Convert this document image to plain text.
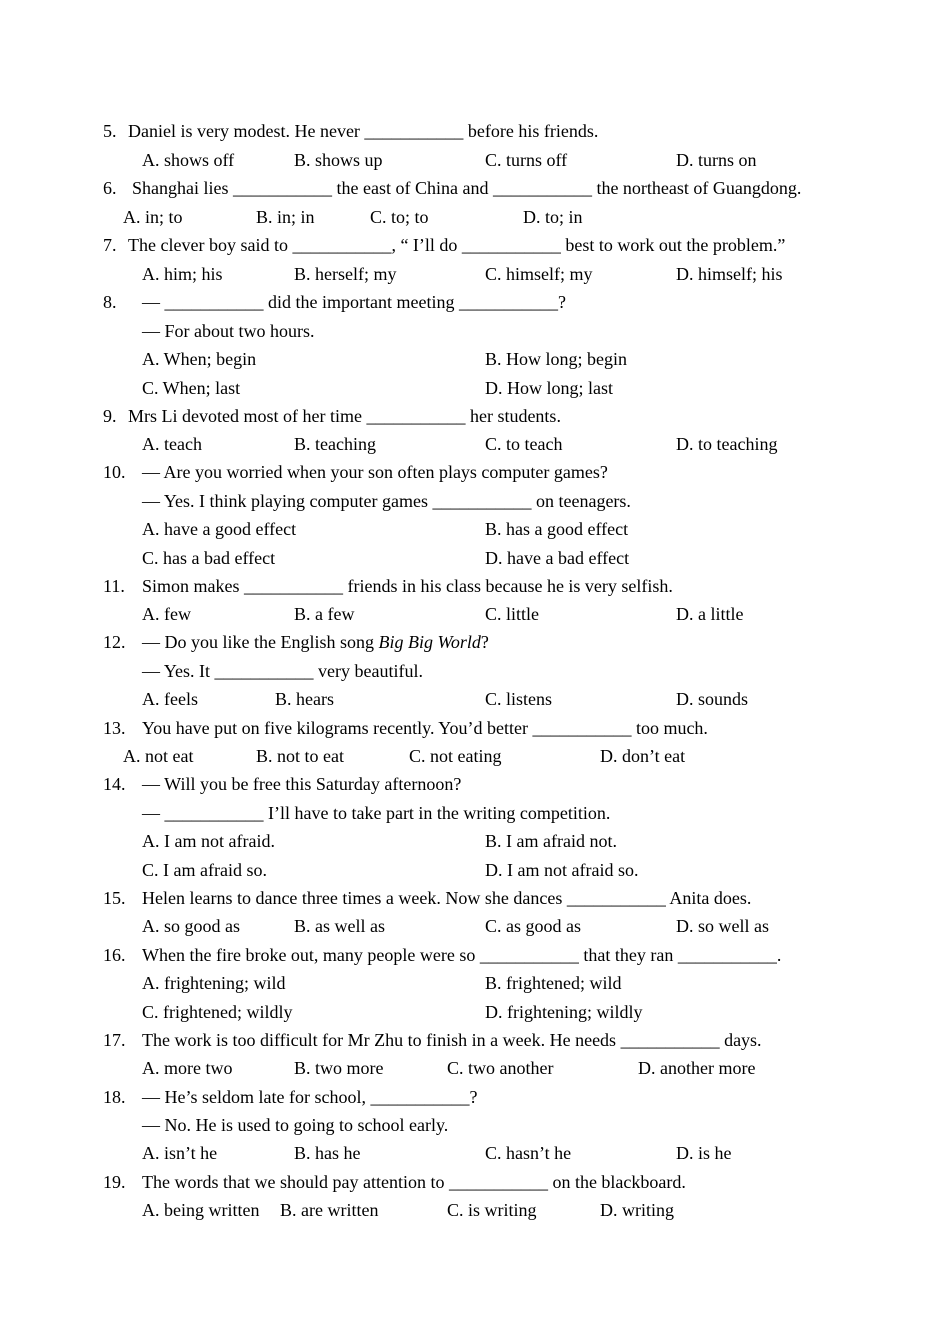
5. Daniel is very modest. He never ___________ before his friends.
A. shows off	B. shows up	C. turns off	D. turns on
6. Shanghai lies ___________ the east of China and ___________ the northeast of Guangdong.
A. in; to	B. in; in	C. to; to	D. to; in
7. The clever boy said to ___________, “ I’ll do ___________ best to work out the problem.”
A. him; his	B. herself; my	C. himself; my	D. himself; his
8. — ___________ did the important meeting ___________?
— For about two hours.
A. When; begin	B. How long; begin
C. When; last	D. How long; last
9. Mrs Li devoted most of her time ___________ her students.
A. teach	B. teaching	C. to teach	D. to teaching
10. — Are you worried when your son often plays computer games?
— Yes. I think playing computer games ___________ on teenagers.
A. have a good effect	B. has a good effect
C. has a bad effect	D. have a bad effect
11. Simon makes ___________ friends in his class because he is very selfish.
A. few	B. a few	C. little	D. a little
12. — Do you like the English song Big Big World?
— Yes. It ___________ very beautiful.
A. feels	B. hears	C. listens	D. sounds
13. You have put on five kilograms recently. You’d better ___________ too much.
A. not eat	B. not to eat	C. not eating	D. don’t eat
14. — Will you be free this Saturday afternoon?
— ___________ I’ll have to take part in the writing competition.
A. I am not afraid.	B. I am afraid not.
C. I am afraid so.	D. I am not afraid so.
15. Helen learns to dance three times a week. Now she dances ___________ Anita does.
A. so good as	B. as well as	C. as good as	D. so well as
16. When the fire broke out, many people were so ___________ that they ran ___________.
A. frightening; wild	B. frightened; wild
C. frightened; wildly	D. frightening; wildly
17. The work is too difficult for Mr Zhu to finish in a week. He needs ___________ days.
A. more two	B. two more	C. two another	D. another more
18. — He’s seldom late for school, ___________?
— No. He is used to going to school early.
A. isn’t he	B. has he	C. hasn’t he	D. is he
19. The words that we should pay attention to ___________ on the blackboard.
A. being written B. are written	C. is writing	D. writing
